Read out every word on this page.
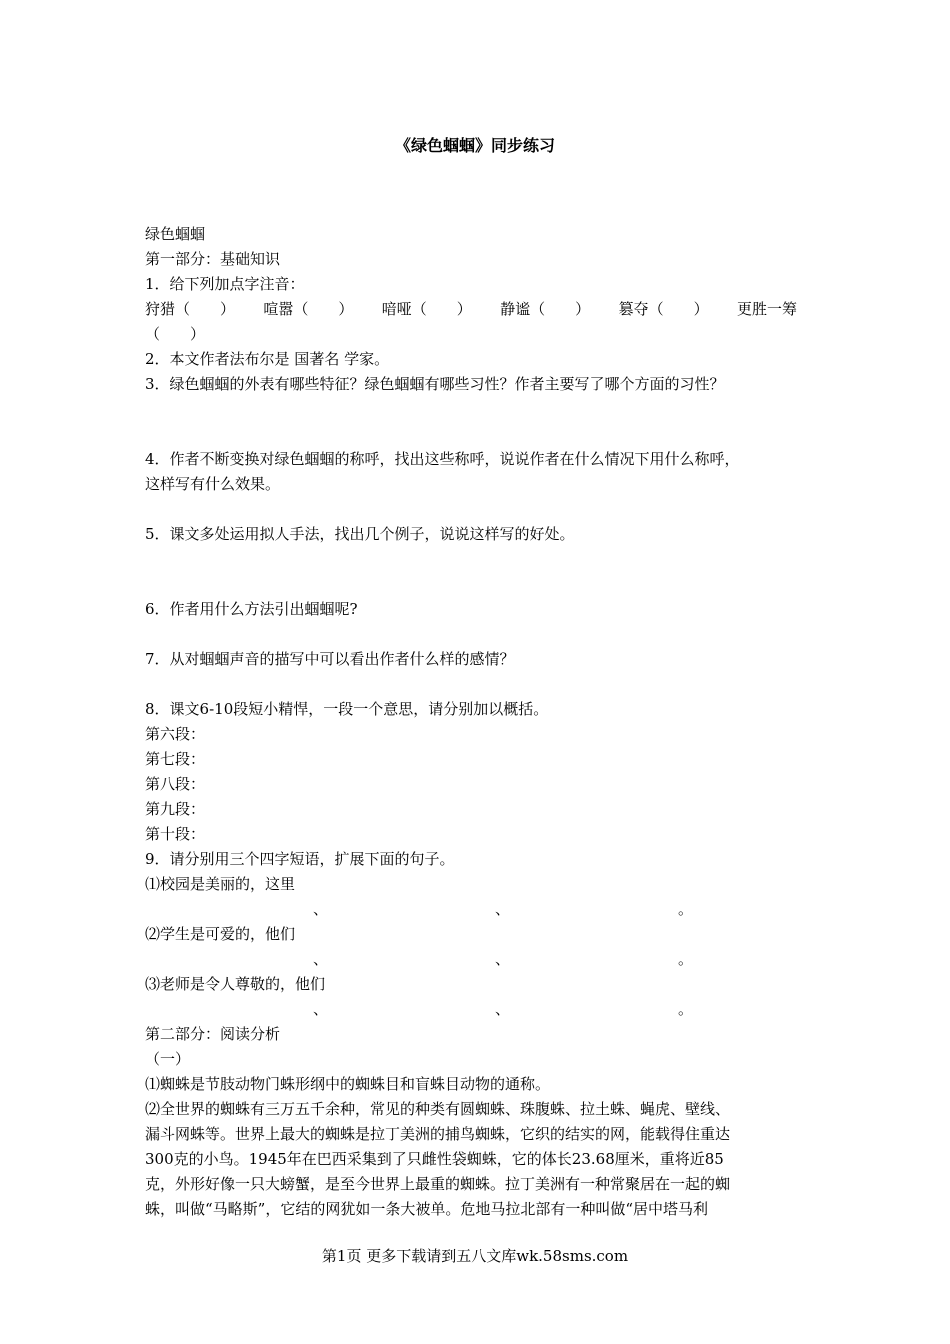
《绿色蝈蝈》同步练习
绿色蝈蝈
第一部分：基础知识
1．给下列加点字注音：
狩猎（　　） 喧嚣（　　） 喑哑（　　） 静谧（　　） 篡夺（　　） 更胜一筹
（　　）
2．本文作者法布尔是 国著名 学家。
3．绿色蝈蝈的外表有哪些特征？绿色蝈蝈有哪些习性？作者主要写了哪个方面的习性？
4．作者不断变换对绿色蝈蝈的称呼，找出这些称呼，说说作者在什么情况下用什么称呼，
这样写有什么效果。
5．课文多处运用拟人手法，找出几个例子，说说这样写的好处。
6．作者用什么方法引出蝈蝈呢?
7．从对蝈蝈声音的描写中可以看出作者什么样的感情？
8．课文6-10段短小精悍，一段一个意思，请分别加以概括。
第六段：
第七段：
第八段：
第九段：
第十段：
9．请分别用三个四字短语，扩展下面的句子。
⑴校园是美丽的，这里
、	、	。
⑵学生是可爱的，他们
、	、	。
⑶老师是令人尊敬的，他们
、	、	。
第二部分：阅读分析
（一）
⑴蜘蛛是节肢动物门蛛形纲中的蜘蛛目和盲蛛目动物的通称。
⑵全世界的蜘蛛有三万五千余种，常见的种类有圆蜘蛛、珠腹蛛、拉土蛛、蝇虎、壁线、
漏斗网蛛等。世界上最大的蜘蛛是拉丁美洲的捕鸟蜘蛛，它织的结实的网，能载得住重达
300克的小鸟。1945年在巴西采集到了只雌性袋蜘蛛，它的体长23.68厘米，重将近85
克，外形好像一只大螃蟹，是至今世界上最重的蜘蛛。拉丁美洲有一种常聚居在一起的蜘
蛛，叫做“马略斯”，它结的网犹如一条大被单。危地马拉北部有一种叫做“居中塔马利
第1页 更多下载请到五八文库wk.58sms.com
